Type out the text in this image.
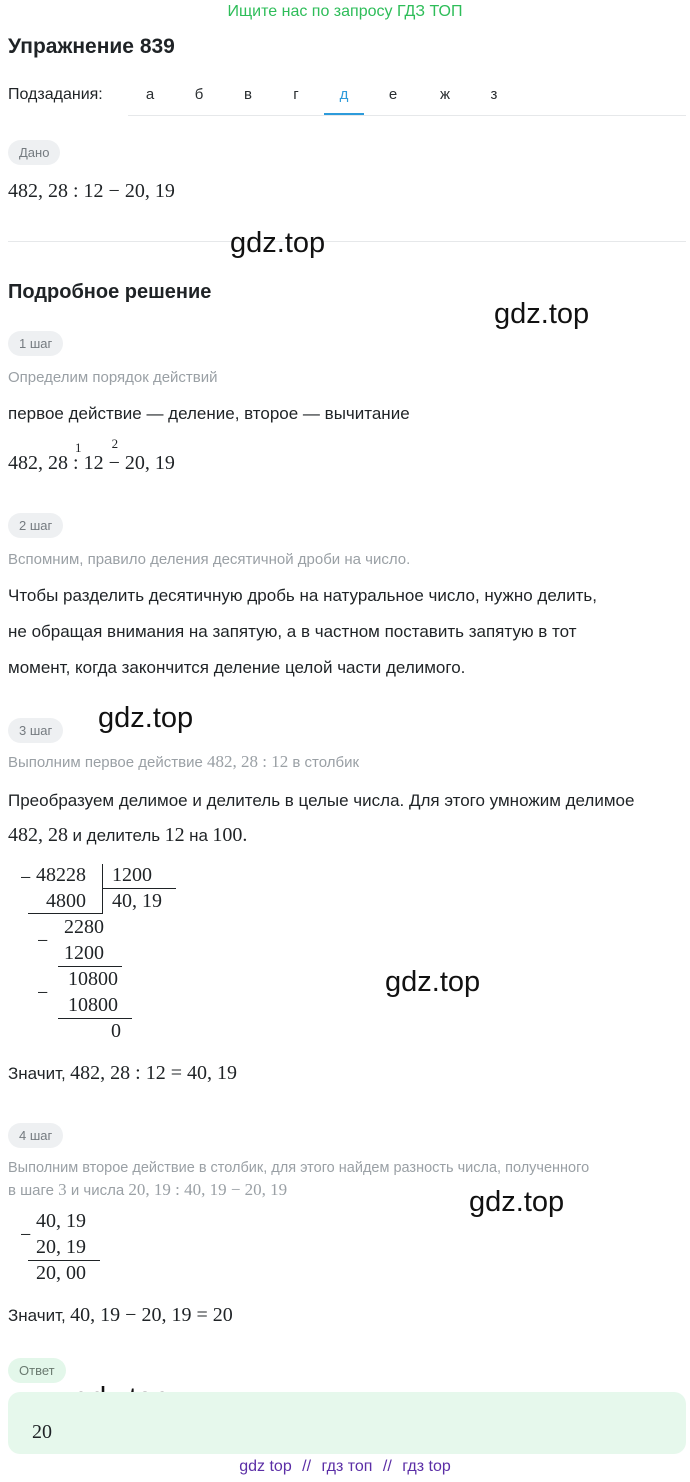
Ищите нас по запросу ГДЗ ТОП
Упражнение 839
Подзадания:	а	б	в	г	д	е	ж	з
Дано
482, 28 : 12 − 20, 19
gdz.top
gdz.top
gdz.top
gdz.top
gdz.top
Подробное решение
1 шаг
Определим порядок действий
первое действие — деление, второе — вычитание
482, 28
1
: 12
2
− 20, 19
2 шаг
Вспомним, правило деления десятичной дроби на число.
Чтобы разделить десятичную дробь на натуральное число, нужно делить,
не обращая внимания на запятую, а в частном поставить запятую в тот
момент, когда закончится деление целой части делимого.
3 шаг
Выполним первое действие 482, 28 : 12 в столбик
Преобразуем делимое и делитель в целые числа. Для этого умножим делимое
482, 28 и делитель 12 на 100.
− 48228 1200
4800 40, 19
−
2280
1200
−
10800
10800
0
Значит, 482, 28 : 12 = 40, 19
4 шаг
Выполним второе действие в столбик, для этого найдем разность числа, полученного
в шаге 3 и числа 20, 19 : 40, 19 − 20, 19
−
40, 19
20, 19
20, 00
Значит, 40, 19 − 20, 19 = 20
Ответ
20
gdz top // гдз топ // гдз top
